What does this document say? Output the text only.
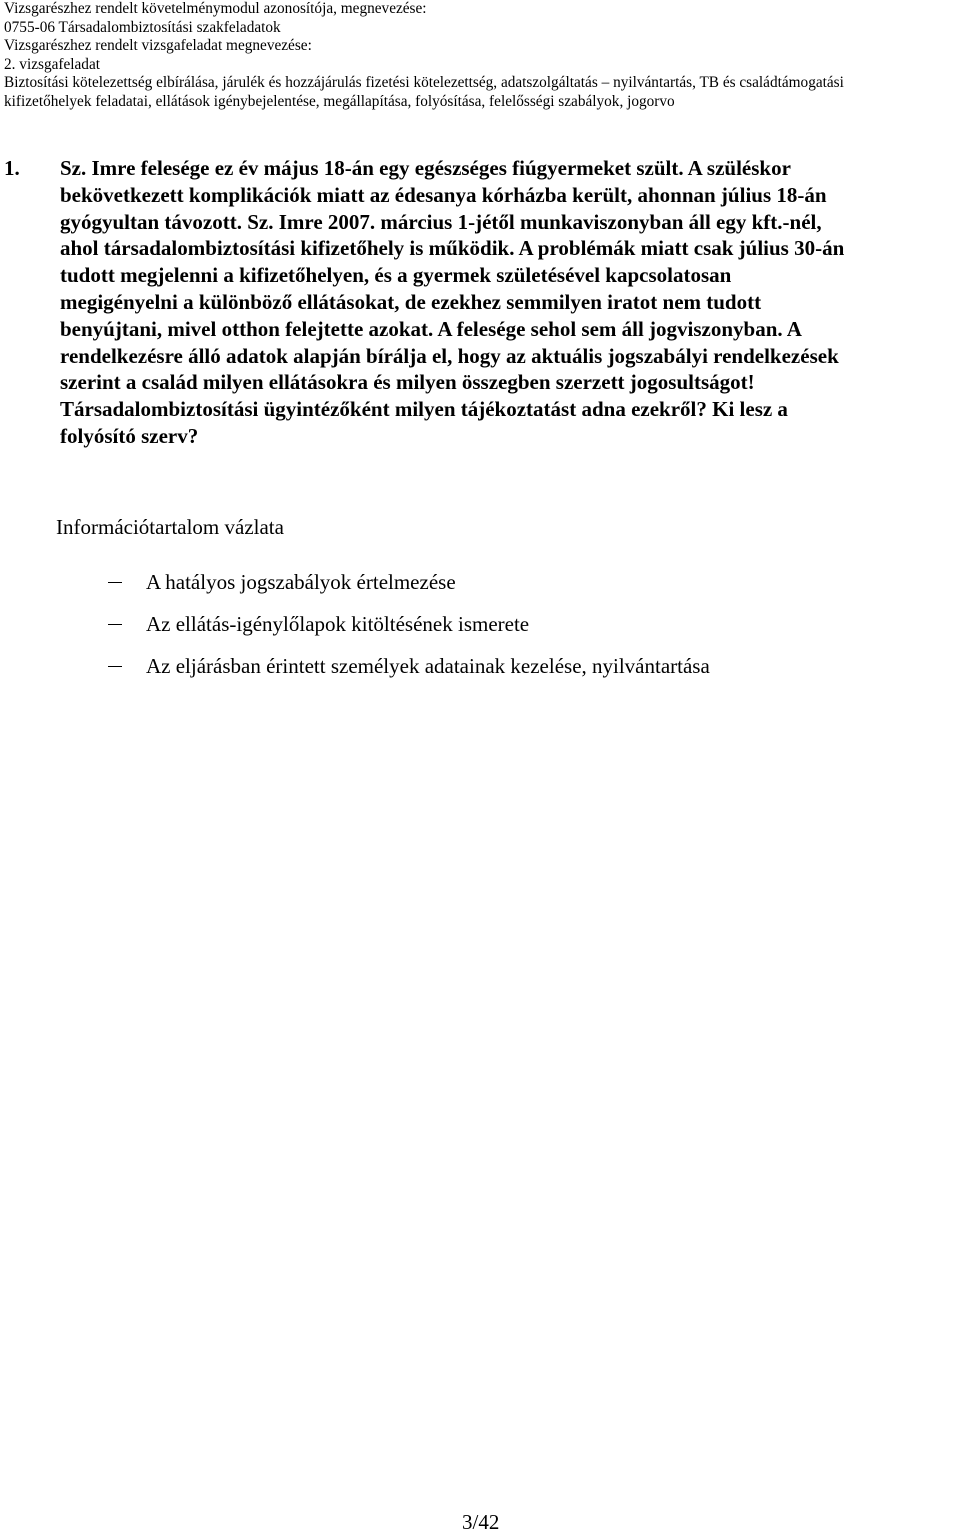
Vizsgarészhez rendelt követelménymodul azonosítója, megnevezése:
0755-06 Társadalombiztosítási szakfeladatok
Vizsgarészhez rendelt vizsgafeladat megnevezése:
2. vizsgafeladat
Biztosítási kötelezettség elbírálása, járulék és hozzájárulás fizetési kötelezettség, adatszolgáltatás – nyilvántartás, TB és családtámogatási
kifizetőhelyek feladatai, ellátások igénybejelentése, megállapítása, folyósítása, felelősségi szabályok, jogorvo
1. Sz. Imre felesége ez év május 18-án egy egészséges fiúgyermeket szült. A szüléskor
bekövetkezett komplikációk miatt az édesanya kórházba került, ahonnan július 18-án
gyógyultan távozott. Sz. Imre 2007. március 1-jétől munkaviszonyban áll egy kft.-nél,
ahol társadalombiztosítási kifizetőhely is működik. A problémák miatt csak július 30-án
tudott megjelenni a kifizetőhelyen, és a gyermek születésével kapcsolatosan
megigényelni a különböző ellátásokat, de ezekhez semmilyen iratot nem tudott
benyújtani, mivel otthon felejtette azokat. A felesége sehol sem áll jogviszonyban. A
rendelkezésre álló adatok alapján bírálja el, hogy az aktuális jogszabályi rendelkezések
szerint a család milyen ellátásokra és milyen összegben szerzett jogosultságot!
Társadalombiztosítási ügyintézőként milyen tájékoztatást adna ezekről? Ki lesz a
folyósító szerv?
Információtartalom vázlata
A hatályos jogszabályok értelmezése
Az ellátás-igénylőlapok kitöltésének ismerete
Az eljárásban érintett személyek adatainak kezelése, nyilvántartása
3/42
